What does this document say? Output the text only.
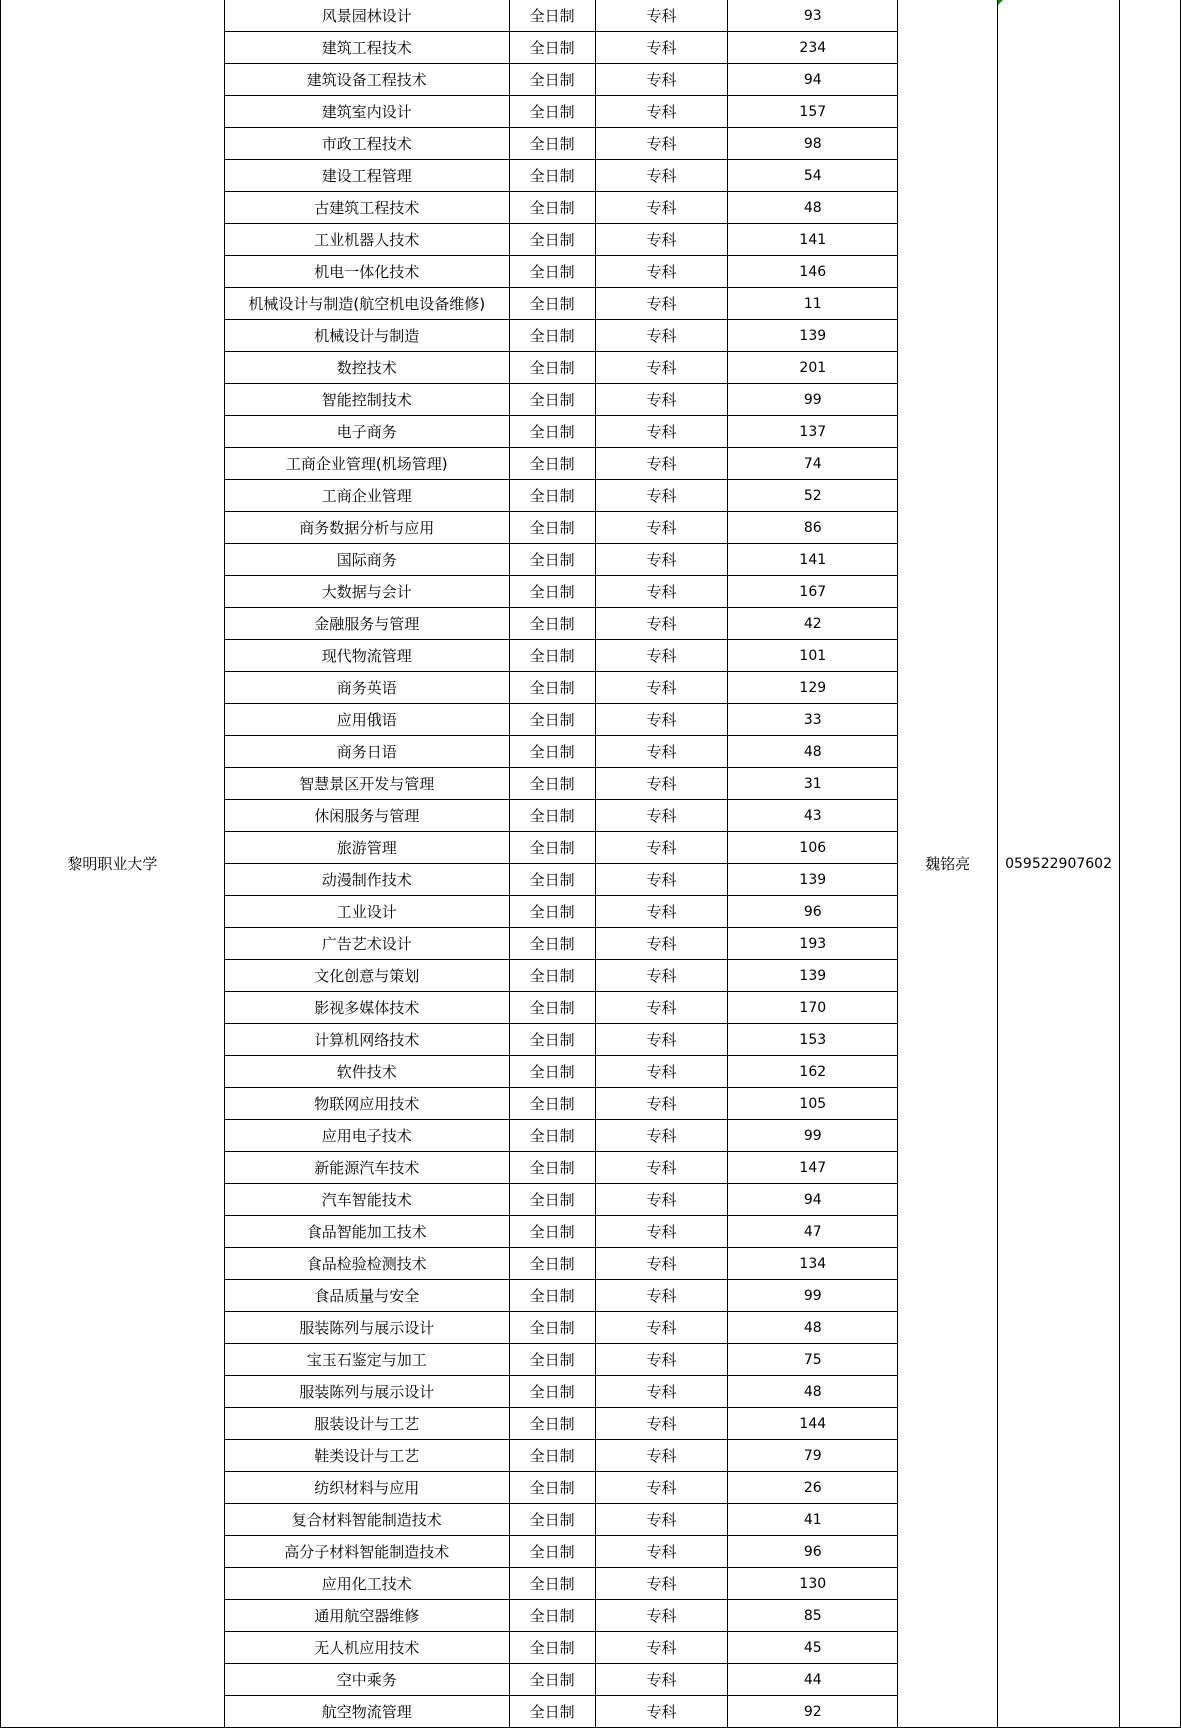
黎明职业大学	风景园林设计	全日制	专科	93	魏铭亮	059522907602	
	建筑工程技术	全日制	专科	234			
	建筑设备工程技术	全日制	专科	94			
	建筑室内设计	全日制	专科	157			
	市政工程技术	全日制	专科	98			
	建设工程管理	全日制	专科	54			
	古建筑工程技术	全日制	专科	48			
	工业机器人技术	全日制	专科	141			
	机电一体化技术	全日制	专科	146			
	机械设计与制造(航空机电设备维修)	全日制	专科	11			
	机械设计与制造	全日制	专科	139			
	数控技术	全日制	专科	201			
	智能控制技术	全日制	专科	99			
	电子商务	全日制	专科	137			
	工商企业管理(机场管理)	全日制	专科	74			
	工商企业管理	全日制	专科	52			
	商务数据分析与应用	全日制	专科	86			
	国际商务	全日制	专科	141			
	大数据与会计	全日制	专科	167			
	金融服务与管理	全日制	专科	42			
	现代物流管理	全日制	专科	101			
	商务英语	全日制	专科	129			
	应用俄语	全日制	专科	33			
	商务日语	全日制	专科	48			
	智慧景区开发与管理	全日制	专科	31			
	休闲服务与管理	全日制	专科	43			
	旅游管理	全日制	专科	106			
	动漫制作技术	全日制	专科	139			
	工业设计	全日制	专科	96			
	广告艺术设计	全日制	专科	193			
	文化创意与策划	全日制	专科	139			
	影视多媒体技术	全日制	专科	170			
	计算机网络技术	全日制	专科	153			
	软件技术	全日制	专科	162			
	物联网应用技术	全日制	专科	105			
	应用电子技术	全日制	专科	99			
	新能源汽车技术	全日制	专科	147			
	汽车智能技术	全日制	专科	94			
	食品智能加工技术	全日制	专科	47			
	食品检验检测技术	全日制	专科	134			
	食品质量与安全	全日制	专科	99			
	服装陈列与展示设计	全日制	专科	48			
	宝玉石鉴定与加工	全日制	专科	75			
	服装陈列与展示设计	全日制	专科	48			
	服装设计与工艺	全日制	专科	144			
	鞋类设计与工艺	全日制	专科	79			
	纺织材料与应用	全日制	专科	26			
	复合材料智能制造技术	全日制	专科	41			
	高分子材料智能制造技术	全日制	专科	96			
	应用化工技术	全日制	专科	130			
	通用航空器维修	全日制	专科	85			
	无人机应用技术	全日制	专科	45			
	空中乘务	全日制	专科	44			
	航空物流管理	全日制	专科	92			
